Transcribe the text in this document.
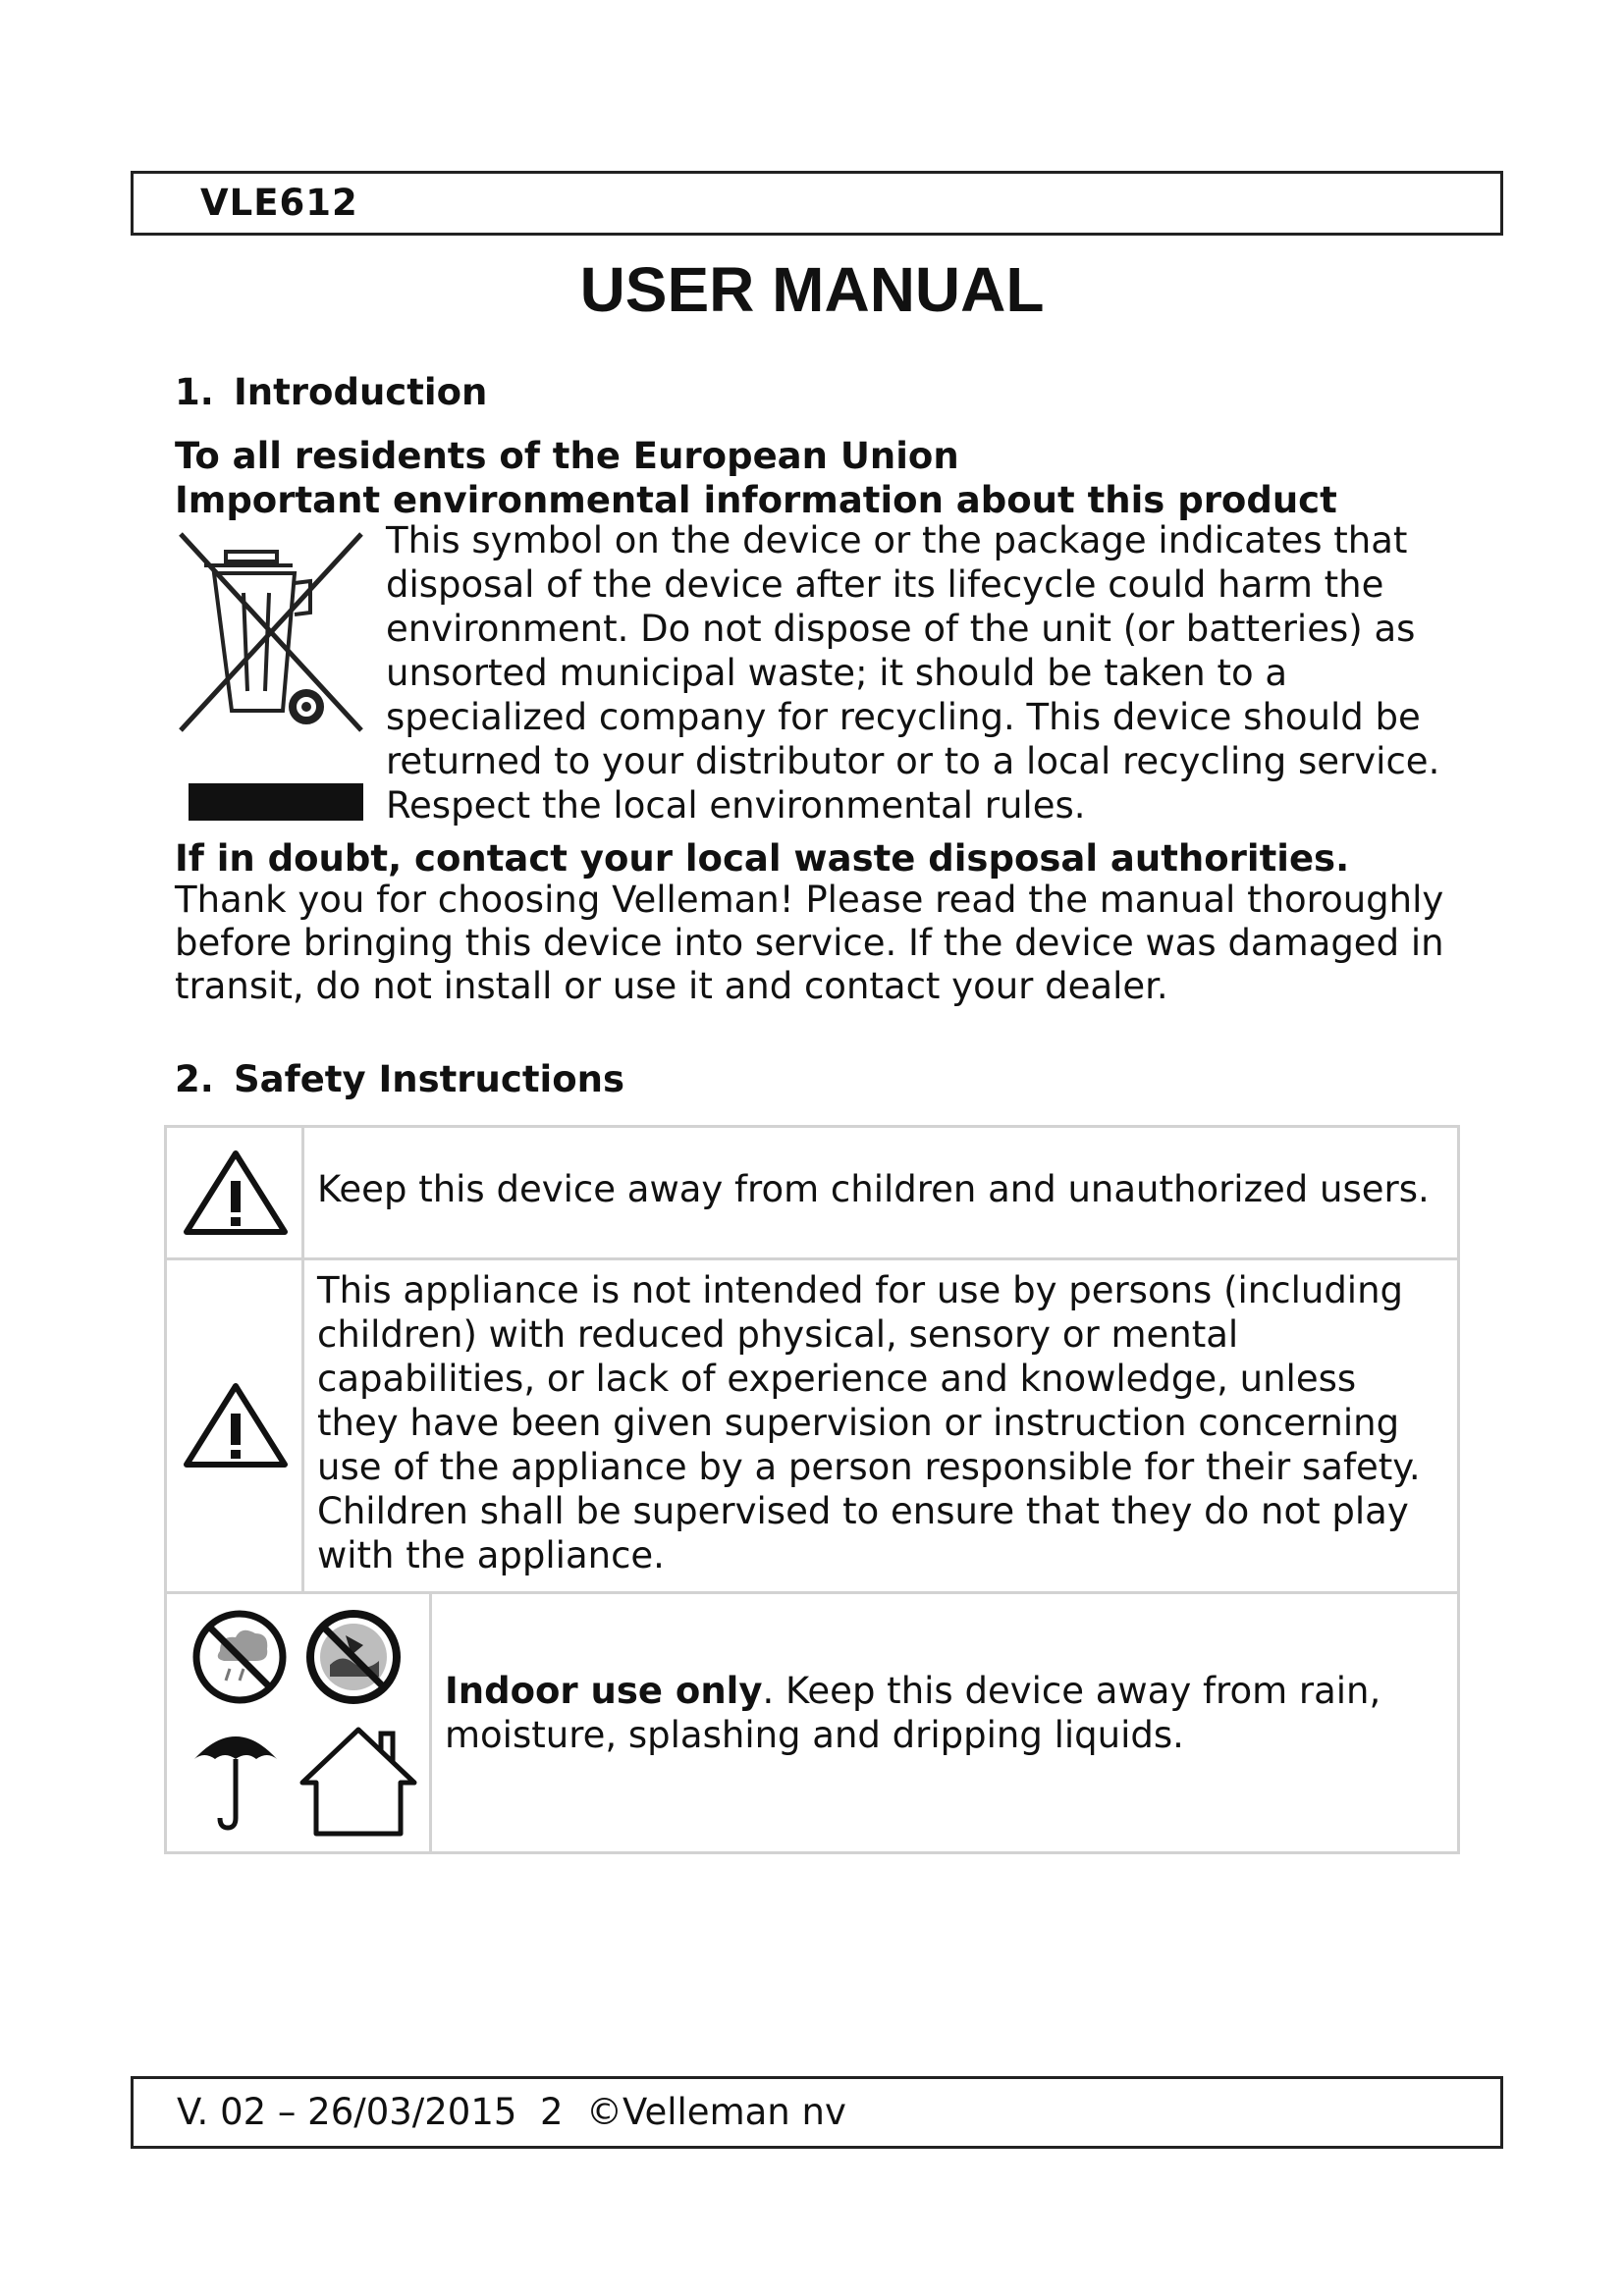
VLE612
USER MANUAL
1. Introduction
To all residents of the European Union
Important environmental information about this product
This symbol on the device or the package indicates that
disposal of the device after its lifecycle could harm the
environment. Do not dispose of the unit (or batteries) as
unsorted municipal waste; it should be taken to a
specialized company for recycling. This device should be
returned to your distributor or to a local recycling service.
Respect the local environmental rules.
If in doubt, contact your local waste disposal authorities.
Thank you for choosing Velleman! Please read the manual thoroughly
before bringing this device into service. If the device was damaged in
transit, do not install or use it and contact your dealer.
2. Safety Instructions
Keep this device away from children and unauthorized users.
This appliance is not intended for use by persons (including
children) with reduced physical, sensory or mental
capabilities, or lack of experience and knowledge, unless
they have been given supervision or instruction concerning
use of the appliance by a person responsible for their safety.
Children shall be supervised to ensure that they do not play
with the appliance.
Indoor use only. Keep this device away from rain,
moisture, splashing and dripping liquids.
V. 02 – 26/03/2015 2 ©Velleman nv
